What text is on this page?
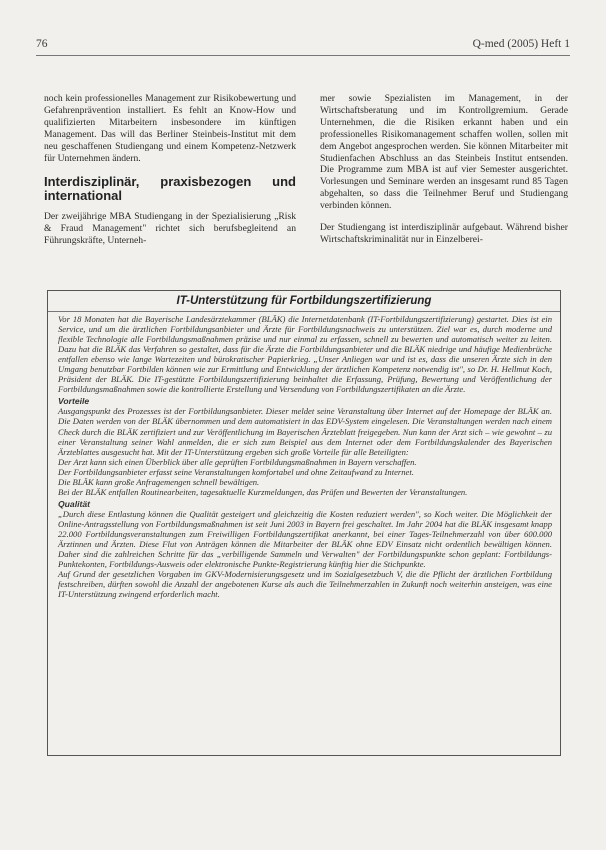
76	Q-med (2005) Heft 1

noch kein professionelles Management zur Risikobewertung und Gefahrenprävention installiert. Es fehlt an Know-How und qualifizierten Mitarbeitern insbesondere im künftigen Management. Das will das Berliner Steinbeis-Institut mit dem neu geschaffenen Studiengang und einem Kompetenz-Netzwerk für Unternehmen ändern.

Interdisziplinär, praxisbezogen und international

Der zweijährige MBA Studiengang in der Spezialisierung „Risk & Fraud Management" richtet sich berufsbegleitend an Führungskräfte, Unterneh-

mer sowie Spezialisten im Management, in der Wirtschaftsberatung und im Kontrollgremium. Gerade Unternehmen, die die Risiken erkannt haben und ein professionelles Risikomanagement schaffen wollen, sollen mit dem Angebot angesprochen werden. Sie können Mitarbeiter mit Studienfachen Abschluss an das Steinbeis Institut entsenden. Die Programme zum MBA ist auf vier Semester ausgerichtet. Vorlesungen und Seminare werden an insgesamt rund 85 Tagen abgehalten, so dass die Teilnehmer Beruf und Studiengang verbinden können.

Der Studiengang ist interdisziplinär aufgebaut. Während bisher Wirtschaftskriminalität nur in Einzelberei-

IT-Unterstützung für Fortbildungszertifizierung

Vor 18 Monaten hat die Bayerische Landesärztekammer (BLÄK) die Internetdatenbank (IT-Fortbildungszertifizierung) gestartet. Dies ist ein Service, und um die ärztlichen Fortbildungsanbieter und Ärzte für Fortbildungsnachweis zu unterstützen. Ziel war es, durch moderne und flexible Technologie alle Fortbildungsmaßnahmen präzise und nur einmal zu erfassen, schnell zu bewerten und automatisch weiter zu leiten. Dazu hat die BLÄK das Verfahren so gestaltet, dass für die Ärzte die Fortbildungsanbieter und die BLÄK niedrige und häufige Medienbrüche entfallen ebenso wie lange Wartezeiten und bürokratischer Papierkrieg. „Unser Anliegen war und ist es, dass die unseren Ärzte sich in den Umgang benutzbar Fortbilden können wie zur Ermittlung und Entwicklung der ärztlichen Kompetenz notwendig ist", so Dr. H. Hellmut Koch, Präsident der BLÄK. Die IT-gestützte Fortbildungszertifizierung beinhaltet die Erfassung, Prüfung, Bewertung und Veröffentlichung der Fortbildungsmaßnahmen sowie die kontrollierte Erstellung und Versendung von Fortbildungszertifikaten an die Ärzte.

Vorteile

Ausgangspunkt des Prozesses ist der Fortbildungsanbieter. Dieser meldet seine Veranstaltung über Internet auf der Homepage der BLÄK an. Die Daten werden von der BLÄK übernommen und dem automatisiert in das EDV-System eingelesen. Die Veranstaltungen werden nach einem Check durch die BLÄK zertifiziert und zur Veröffentlichung im Bayerischen Ärzteblatt freigegeben. Nun kann der Arzt sich – wie gewohnt – zu einer Veranstaltung seiner Wahl anmelden, die er sich zum Beispiel aus dem Internet oder dem Fortbildungskalender des Bayerischen Ärzteblattes ausgesucht hat. Mit der IT-Unterstützung ergeben sich große Vorteile für alle Beteiligten:

Der Arzt kann sich einen Überblick über alle geprüften Fortbildungsmaßnahmen in Bayern verschaffen.

Der Fortbildungsanbieter erfasst seine Veranstaltungen komfortabel und ohne Zeitaufwand zu Internet.

Die BLÄK kann große Anfragemengen schnell bewältigen.

Bei der BLÄK entfallen Routinearbeiten, tagesaktuelle Kurzmeldungen, das Prüfen und Bewerten der Veranstaltungen.

Qualität

„Durch diese Entlastung können die Qualität gesteigert und gleichzeitig die Kosten reduziert werden", so Koch weiter. Die Möglichkeit der Online-Antragsstellung von Fortbildungsmaßnahmen ist seit Juni 2003 in Bayern frei geschaltet. Im Jahr 2004 hat die BLÄK insgesamt knapp 22.000 Fortbildungsveranstaltungen zum Freiwilligen Fortbildungszertifikat anerkannt, bei einer Tages-Teilnehmerzahl von über 600.000 Ärztinnen und Ärzten. Diese Flut von Anträgen können die Mitarbeiter der BLÄK ohne EDV Einsatz nicht ordentlich bewältigen können. Daher sind die zahlreichen Schritte für das „verbilligende Sammeln und Verwalten" der Fortbildungspunkte schon geplant: Fortbildungs-Punktekonten, Fortbildungs-Ausweis oder elektronische Punkte-Registrierung künftig hier die Stichpunkte.

Auf Grund der gesetzlichen Vorgaben im GKV-Modernisierungsgesetz und im Sozialgesetzbuch V, die die Pflicht der ärztlichen Fortbildung festschreiben, dürften sowohl die Anzahl der angebotenen Kurse als auch die Teilnehmerzahlen in Zukunft noch weiterhin ansteigen, was eine IT-Unterstützung zwingend erforderlich macht.
